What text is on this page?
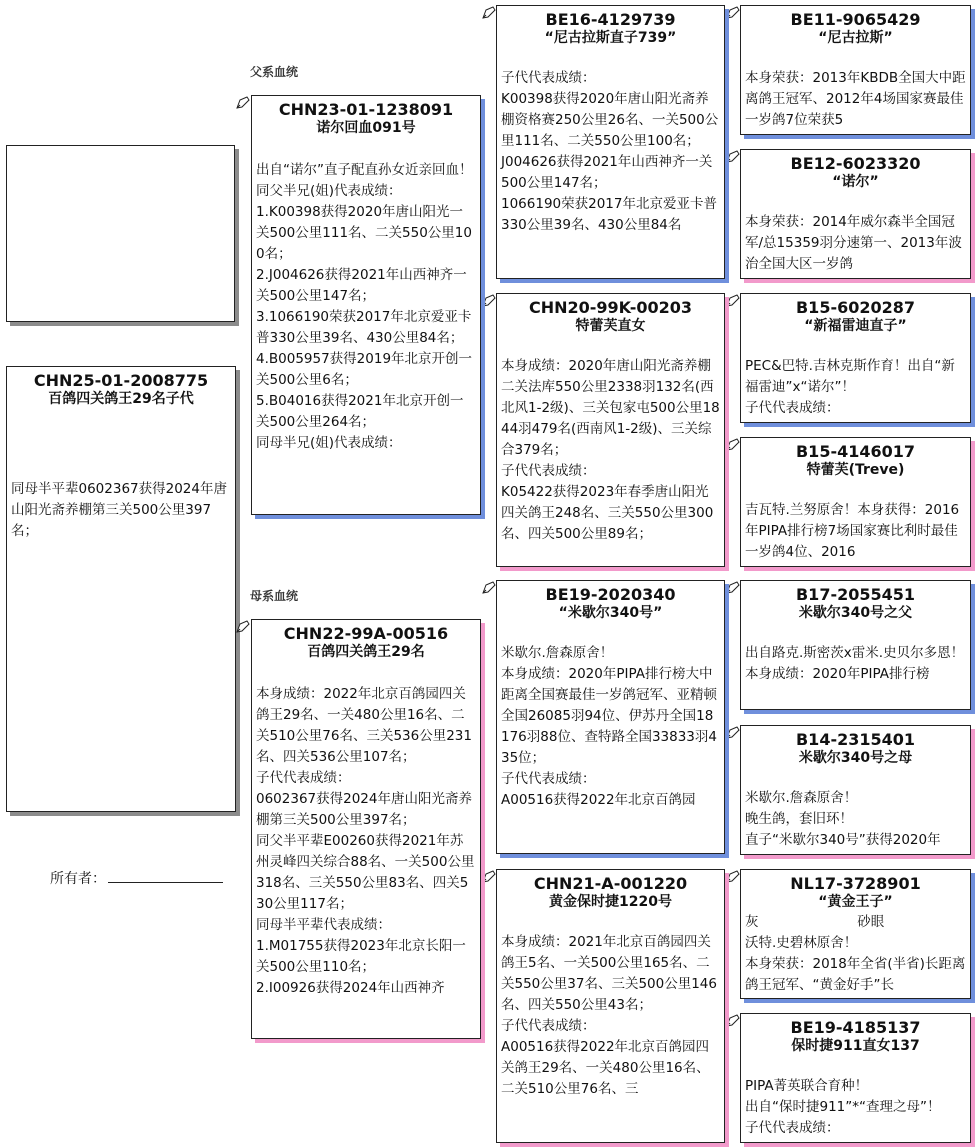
CHN25-01-2008775
百鸽四关鸽王29名子代
同母半平辈0602367获得2024年唐山阳光斋养棚第三关500公里397名；
所有者：
父系血统
母系血统
CHN23-01-1238091
诺尔回血091号
出自“诺尔”直子配直孙女近亲回血！
同父半兄(姐)代表成绩：
1.K00398获得2020年唐山阳光一关500公里111名、二关550公里100名；
2.J004626获得2021年山西神齐一关500公里147名；
3.1066190荣获2017年北京爱亚卡普330公里39名、430公里84名；
4.B005957获得2019年北京开创一关500公里6名；
5.B04016获得2021年北京开创一关500公里264名；
同母半兄(姐)代表成绩：
CHN22-99A-00516
百鸽四关鸽王29名
本身成绩：2022年北京百鸽园四关鸽王29名、一关480公里16名、二关510公里76名、三关536公里231名、四关536公里107名；
子代代表成绩：
0602367获得2024年唐山阳光斋养棚第三关500公里397名；
同父半平辈E00260获得2021年苏州灵峰四关综合88名、一关500公里318名、三关550公里83名、四关530公里117名；
同母半平辈代表成绩：
1.M01755获得2023年北京长阳一关500公里110名；
2.I00926获得2024年山西神齐
BE16-4129739
“尼古拉斯直子739”
子代代表成绩：
K00398获得2020年唐山阳光斋养棚资格赛250公里26名、一关500公里111名、二关550公里100名；
J004626获得2021年山西神齐一关500公里147名；
1066190荣获2017年北京爱亚卡普330公里39名、430公里84名
CHN20-99K-00203
特蕾芙直女
本身成绩：2020年唐山阳光斋养棚二关法库550公里2338羽132名(西北风1-2级)、三关包家屯500公里1844羽479名(西南风1-2级)、三关综合379名；
子代代表成绩：
K05422获得2023年春季唐山阳光四关鸽王248名、三关550公里300名、四关500公里89名；
BE19-2020340
“米歇尔340号”
米歇尔.詹森原舍！
本身成绩：2020年PIPA排行榜大中距离全国赛最佳一岁鸽冠军、亚精顿全国26085羽94位、伊苏丹全国18176羽88位、查特路全国33833羽435位；
子代代表成绩：
A00516获得2022年北京百鸽园
CHN21-A-001220
黄金保时捷1220号
本身成绩：2021年北京百鸽园四关鸽王5名、一关500公里165名、二关550公里37名、三关500公里146名、四关550公里43名；
子代代表成绩：
A00516获得2022年北京百鸽园四关鸽王29名、一关480公里16名、二关510公里76名、三
BE11-9065429
“尼古拉斯”
本身荣获：2013年KBDB全国大中距离鸽王冠军、2012年4场国家赛最佳一岁鸽7位荣获5
BE12-6023320
“诺尔”
本身荣获：2014年威尔森半全国冠军/总15359羽分速第一、2013年波治全国大区一岁鸽
B15-6020287
“新福雷迪直子”
PEC&巴特.吉林克斯作育！出自“新福雷迪”x“诺尔”！
子代代表成绩：
B15-4146017
特蕾芙(Treve)
吉瓦特.兰努原舍！本身获得：2016年PIPA排行榜7场国家赛比利时最佳一岁鸽4位、2016
B17-2055451
米歇尔340号之父
出自路克.斯密茨x雷米.史贝尔多恩！
本身成绩：2020年PIPA排行榜
B14-2315401
米歇尔340号之母
米歇尔.詹森原舍！
晚生鸽，套旧环！
直子“米歇尔340号”获得2020年
NL17-3728901
“黄金王子”
灰                       砂眼
沃特.史碧林原舍！
本身荣获：2018年全省(半省)长距离鸽王冠军、“黄金好手”长
BE19-4185137
保时捷911直女137
PIPA菁英联合育种！
出自“保时捷911”*“查理之母”！
子代代表成绩：
